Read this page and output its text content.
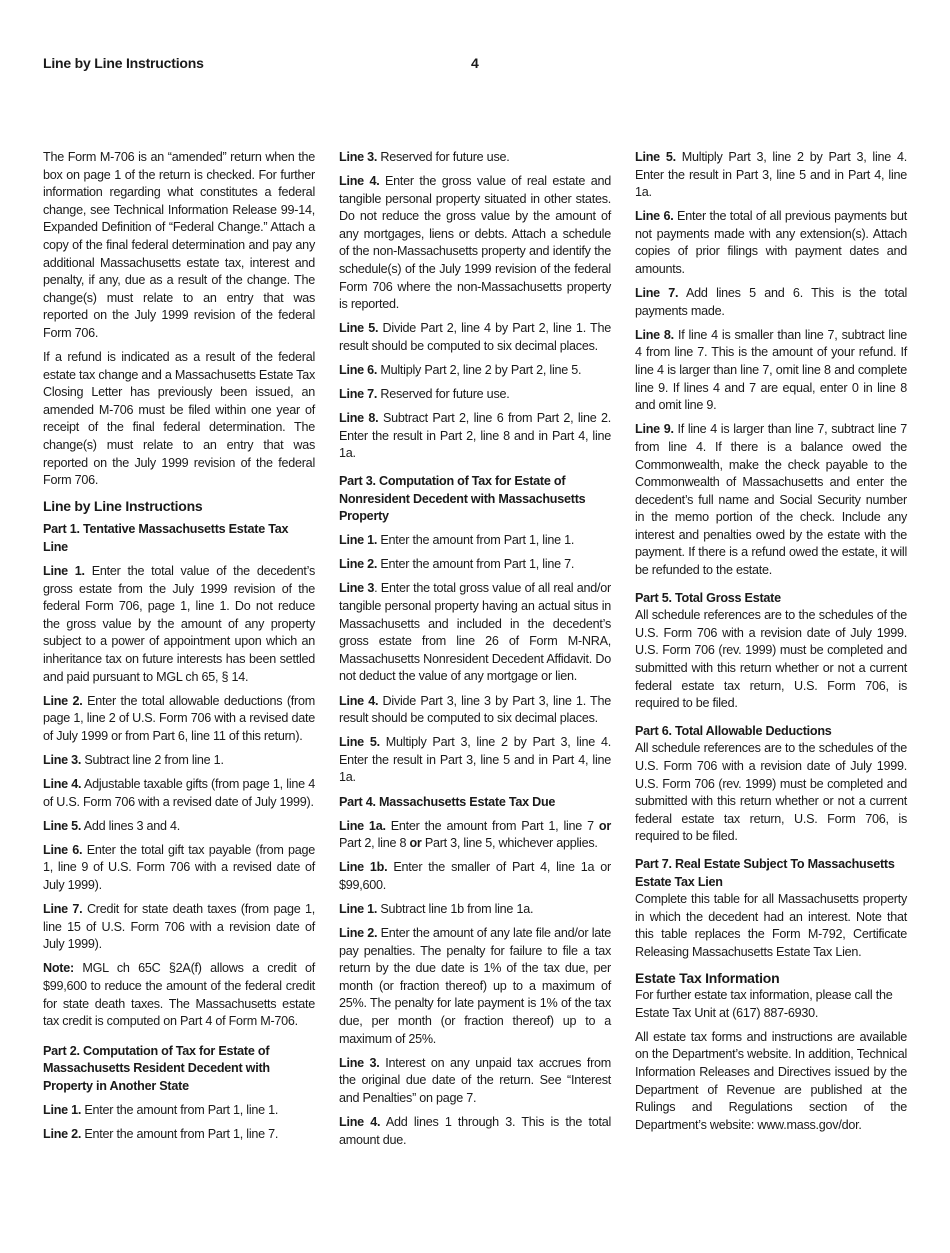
Line by Line Instructions	4

The Form M-706 is an “amended” return when the box on page 1 of the return is checked. For further information regarding what constitutes a federal change, see Technical Information Release 99-14, Expanded Definition of “Federal Change.” Attach a copy of the final federal determination and pay any additional Massachusetts estate tax, interest and penalty, if any, due as a result of the change. The change(s) must relate to an entry that was reported on the July 1999 revision of the federal Form 706.

If a refund is indicated as a result of the federal estate tax change and a Massachusetts Estate Tax Closing Letter has previously been issued, an amended M-706 must be filed within one year of receipt of the final federal determination. The change(s) must relate to an entry that was reported on the July 1999 revision of the federal Form 706.

Line by Line Instructions
Part 1. Tentative Massachusetts Estate Tax Line

Line 1. Enter the total value of the decedent’s gross estate from the July 1999 revision of the federal Form 706, page 1, line 1. Do not reduce the gross value by the amount of any property subject to a power of appointment upon which an inheritance tax on future interests has been settled and paid pursuant to MGL ch 65, § 14.

Line 2. Enter the total allowable deductions (from page 1, line 2 of U.S. Form 706 with a revised date of July 1999 or from Part 6, line 11 of this return).

Line 3. Subtract line 2 from line 1.

Line 4. Adjustable taxable gifts (from page 1, line 4 of U.S. Form 706 with a revised date of July 1999).

Line 5. Add lines 3 and 4.

Line 6. Enter the total gift tax payable (from page 1, line 9 of U.S. Form 706 with a revised date of July 1999).

Line 7. Credit for state death taxes (from page 1, line 15 of U.S. Form 706 with a revision date of July 1999).

Note: MGL ch 65C §2A(f) allows a credit of $99,600 to reduce the amount of the federal credit for state death taxes. The Massachusetts estate tax credit is computed on Part 4 of Form M-706.

Part 2. Computation of Tax for Estate of Massachusetts Resident Decedent with Property in Another State

Line 1. Enter the amount from Part 1, line 1.

Line 2. Enter the amount from Part 1, line 7.

Line 3. Reserved for future use.

Line 4. Enter the gross value of real estate and tangible personal property situated in other states. Do not reduce the gross value by the amount of any mortgages, liens or debts. Attach a schedule of the non-Massachusetts property and identify the schedule(s) of the July 1999 revision of the federal Form 706 where the non-Massachusetts property is reported.

Line 5. Divide Part 2, line 4 by Part 2, line 1. The result should be computed to six decimal places.

Line 6. Multiply Part 2, line 2 by Part 2, line 5.

Line 7. Reserved for future use.

Line 8. Subtract Part 2, line 6 from Part 2, line 2. Enter the result in Part 2, line 8 and in Part 4, line 1a.

Part 3. Computation of Tax for Estate of Nonresident Decedent with Massachusetts Property

Line 1. Enter the amount from Part 1, line 1.

Line 2. Enter the amount from Part 1, line 7.

Line 3. Enter the total gross value of all real and/or tangible personal property having an actual situs in Massachusetts and included in the decedent’s gross estate from line 26 of Form M-NRA, Massachusetts Nonresident Decedent Affidavit. Do not deduct the value of any mortgage or lien.

Line 4. Divide Part 3, line 3 by Part 3, line 1. The result should be computed to six decimal places.

Line 5. Multiply Part 3, line 2 by Part 3, line 4. Enter the result in Part 3, line 5 and in Part 4, line 1a.

Part 4. Massachusetts Estate Tax Due

Line 1a. Enter the amount from Part 1, line 7 or Part 2, line 8 or Part 3, line 5, whichever applies.

Line 1b. Enter the smaller of Part 4, line 1a or $99,600.

Line 1. Subtract line 1b from line 1a.

Line 2. Enter the amount of any late file and/or late pay penalties. The penalty for failure to file a tax return by the due date is 1% of the tax due, per month (or fraction thereof) up to a maximum of 25%. The penalty for late payment is 1% of the tax due, per month (or fraction thereof) up to a maximum of 25%.

Line 3. Interest on any unpaid tax accrues from the original due date of the return. See “Interest and Penalties” on page 7.

Line 4. Add lines 1 through 3. This is the total amount due.

Line 5. Multiply Part 3, line 2 by Part 3, line 4. Enter the result in Part 3, line 5 and in Part 4, line 1a.

Line 6. Enter the total of all previous payments but not payments made with any extension(s). Attach copies of prior filings with payment dates and amounts.

Line 7. Add lines 5 and 6. This is the total payments made.

Line 8. If line 4 is smaller than line 7, subtract line 4 from line 7. This is the amount of your refund. If line 4 is larger than line 7, omit line 8 and complete line 9. If lines 4 and 7 are equal, enter 0 in line 8 and omit line 9.

Line 9. If line 4 is larger than line 7, subtract line 7 from line 4. If there is a balance owed the Commonwealth, make the check payable to the Commonwealth of Massachusetts and enter the decedent’s full name and Social Security number in the memo portion of the check. Include any interest and penalties owed by the estate with the payment. If there is a refund owed the estate, it will be refunded to the estate.

Part 5. Total Gross Estate

All schedule references are to the schedules of the U.S. Form 706 with a revision date of July 1999. U.S. Form 706 (rev. 1999) must be completed and submitted with this return whether or not a current federal estate tax return, U.S. Form 706, is required to be filed.

Part 6. Total Allowable Deductions

All schedule references are to the schedules of the U.S. Form 706 with a revision date of July 1999. U.S. Form 706 (rev. 1999) must be completed and submitted with this return whether or not a current federal estate tax return, U.S. Form 706, is required to be filed.

Part 7. Real Estate Subject To Massachusetts Estate Tax Lien

Complete this table for all Massachusetts property in which the decedent had an interest. Note that this table replaces the Form M-792, Certificate Releasing Massachusetts Estate Tax Lien.

Estate Tax Information

For further estate tax information, please call the Estate Tax Unit at (617) 887-6930.

All estate tax forms and instructions are available on the Department’s website. In addition, Technical Information Releases and Directives issued by the Department of Revenue are published at the Rulings and Regulations section of the Department’s website: www.mass.gov/dor.
